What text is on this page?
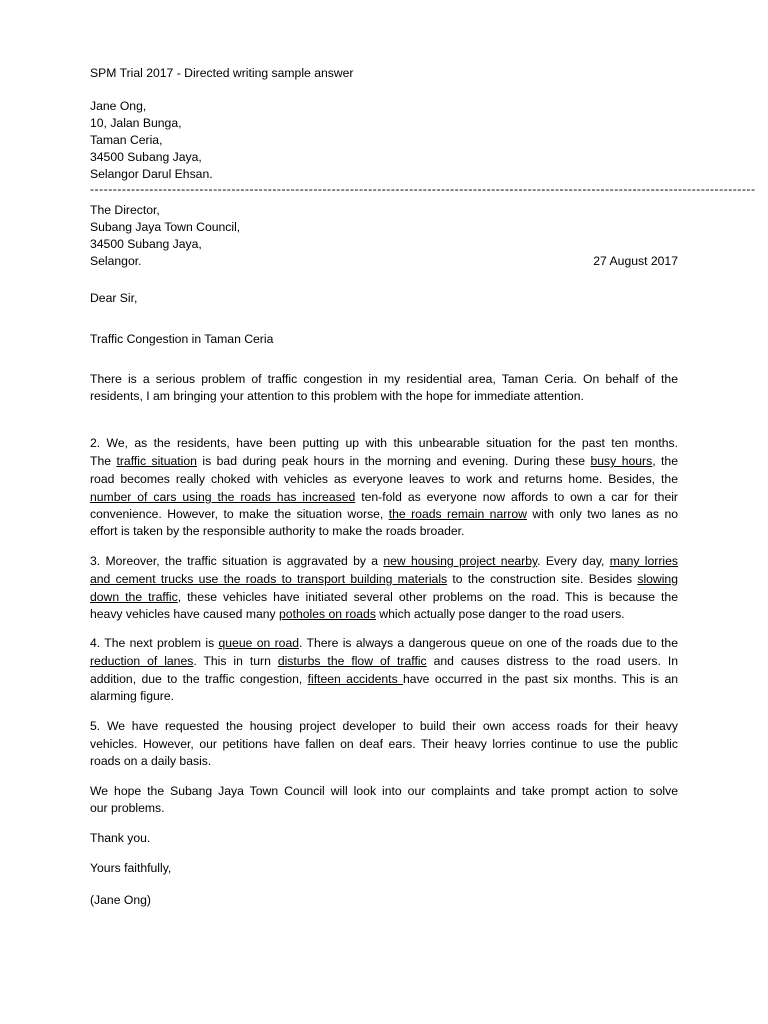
SPM Trial 2017 - Directed writing sample answer
Jane Ong,
10, Jalan Bunga,
Taman Ceria,
34500 Subang Jaya,
Selangor Darul Ehsan.
--------------------------------------------------------------------------------------------------------------------------------------------------
The Director,
Subang Jaya Town Council,
34500 Subang Jaya,
Selangor.	27 August 2017
Dear Sir,
Traffic Congestion in Taman Ceria
There is a serious problem of traffic congestion in my residential area, Taman Ceria. On behalf of the
residents, I am bringing your attention to this problem with the hope for immediate attention.
2. We, as the residents, have been putting up with this unbearable situation for the past ten months.
The traffic situation is bad during peak hours in the morning and evening. During these busy hours, the
road becomes really choked with vehicles as everyone leaves to work and returns home. Besides, the
number of cars using the roads has increased ten-fold as everyone now affords to own a car for their
convenience. However, to make the situation worse, the roads remain narrow with only two lanes as no
effort is taken by the responsible authority to make the roads broader.
3. Moreover, the traffic situation is aggravated by a new housing project nearby. Every day, many lorries
and cement trucks use the roads to transport building materials to the construction site. Besides slowing
down the traffic, these vehicles have initiated several other problems on the road. This is because the
heavy vehicles have caused many potholes on roads which actually pose danger to the road users.
4. The next problem is queue on road. There is always a dangerous queue on one of the roads due to the
reduction of lanes. This in turn disturbs the flow of traffic and causes distress to the road users. In
addition, due to the traffic congestion, fifteen accidents have occurred in the past six months. This is an
alarming figure.
5. We have requested the housing project developer to build their own access roads for their heavy
vehicles. However, our petitions have fallen on deaf ears. Their heavy lorries continue to use the public
roads on a daily basis.
We hope the Subang Jaya Town Council will look into our complaints and take prompt action to solve
our problems.
Thank you.
Yours faithfully,
(Jane Ong)
